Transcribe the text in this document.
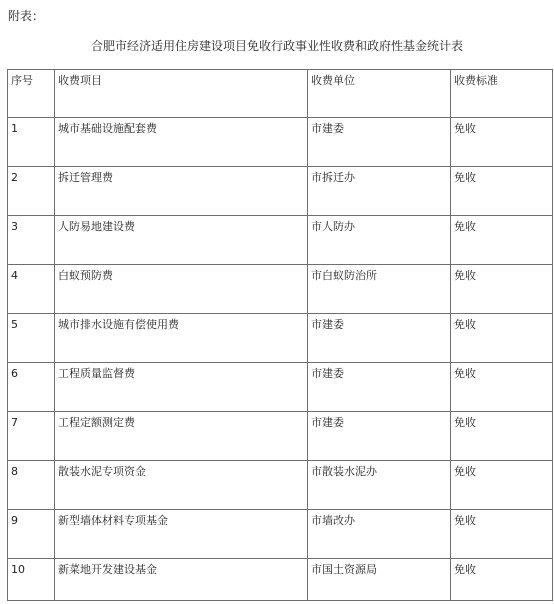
附表：
合肥市经济适用住房建设项目免收行政事业性收费和政府性基金统计表
序号	收费项目	收费单位	收费标准
1	城市基础设施配套费	市建委	免收
2	拆迁管理费	市拆迁办	免收
3	人防易地建设费	市人防办	免收
4	白蚁预防费	市白蚁防治所	免收
5	城市排水设施有偿使用费	市建委	免收
6	工程质量监督费	市建委	免收
7	工程定额测定费	市建委	免收
8	散装水泥专项资金	市散装水泥办	免收
9	新型墙体材料专项基金	市墙改办	免收
10	新菜地开发建设基金	市国土资源局	免收
